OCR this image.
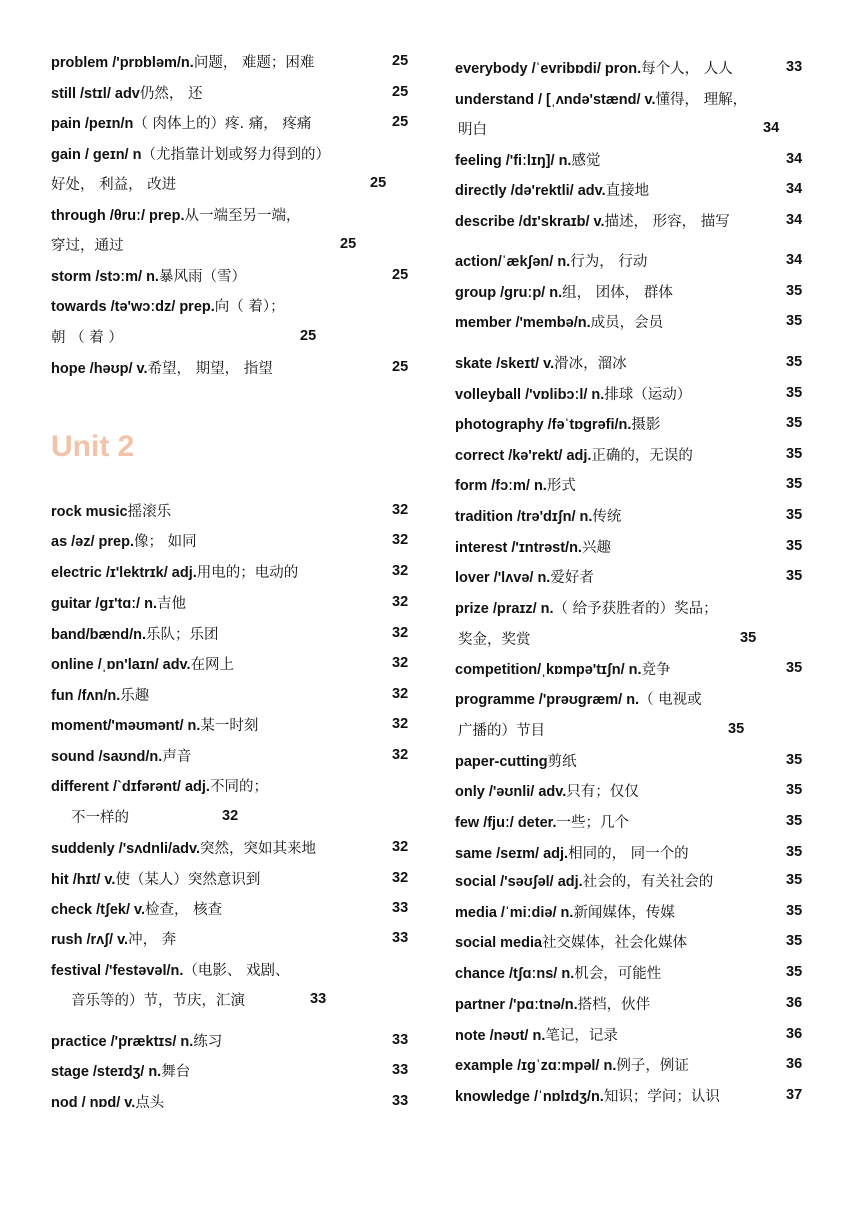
problem /'prɒbləm/n.问题， 难题；困难	25
still /stɪl/ adv仍然， 还	25
pain /peɪn/n（ 肉体上的）疼. 痛， 疼痛	25
gain / geɪn/ n（尤指靠计划或努力得到的）
好处， 利益， 改进	25
through /θruː/ prep.从一端至另一端，
穿过，通过	25
storm /stɔːm/ n.暴风雨（雪）	25
towards /tə'wɔːdz/ prep.向（ 着）；
朝 （ 着 ）	25
hope /həʊp/ v.希望， 期望， 指望	25
Unit 2
rock music摇滚乐	32
as /əz/ prep.像； 如同	32
electric /ɪ'lektrɪk/ adj.用电的；电动的	32
guitar /ɡɪ'tɑː/ n.吉他	32
band/bænd/n.乐队；乐团	32
online /ˌɒn'laɪn/ adv.在网上	32
fun /fʌn/n.乐趣	32
moment/'məʊmənt/ n.某一时刻	32
sound /saʊnd/n.声音	32
different /`dɪfərənt/ adj.不同的；
不一样的	32
suddenly /'sʌdnli/adv.突然，突如其来地	32
hit /hɪt/ v.使（某人）突然意识到	32
check /tʃek/ v.检查， 核查	33
rush /rʌʃ/ v.冲， 奔	33
festival /'festəvəl/n.（电影、 戏剧、
音乐等的）节，节庆，汇演	33
practice /'præktɪs/ n.练习	33
stage /steɪdʒ/ n.舞台	33
nod / nɒd/ v.点头	33
everybody /ˈevribɒdi/ pron.每个人， 人人	33
understand / [ˌʌndə'stænd/ v.懂得， 理解，
明白	34
feeling /'fiːlɪŋ]/ n.感觉	34
directly /də'rektli/ adv.直接地	34
describe /dɪ'skraɪb/ v.描述， 形容， 描写	34
action/ˈækʃən/ n.行为， 行动	34
group /ɡruːp/ n.组， 团体， 群体	35
member /'membə/n.成员，会员	35
skate /skeɪt/ v.滑冰，溜冰	35
volleyball /'vɒlibɔːl/ n.排球（运动）	35
photography /fəˈtɒɡrəfi/n.摄影	35
correct /kə'rekt/ adj.正确的，无误的	35
form /fɔːm/ n.形式	35
tradition /trə'dɪʃn/ n.传统	35
interest /'ɪntrəst/n.兴趣	35
lover /'lʌvə/ n.爱好者	35
prize /praɪz/ n.（ 给予获胜者的）奖品；
奖金，奖赏	35
competition/ˌkɒmpə'tɪʃn/ n.竞争	35
programme /'prəʊɡræm/ n.（ 电视或
广播的）节目	35
paper-cutting剪纸	35
only /'əʊnli/ adv.只有；仅仅	35
few /fjuː/ deter.一些；几个	35
same /seɪm/ adj.相同的， 同一个的	35
social /'səʊʃəl/ adj.社会的，有关社会的	35
media /ˈmiːdiə/ n.新闻媒体，传媒	35
social media社交媒体，社会化媒体	35
chance /tʃɑːns/ n.机会，可能性	35
partner /'pɑːtnə/n.搭档，伙伴	36
note /nəʊt/ n.笔记，记录	36
example /ɪɡˈzɑːmpəl/ n.例子，例证	36
knowledge /ˈnɒlɪdʒ/n.知识；学问；认识	37
